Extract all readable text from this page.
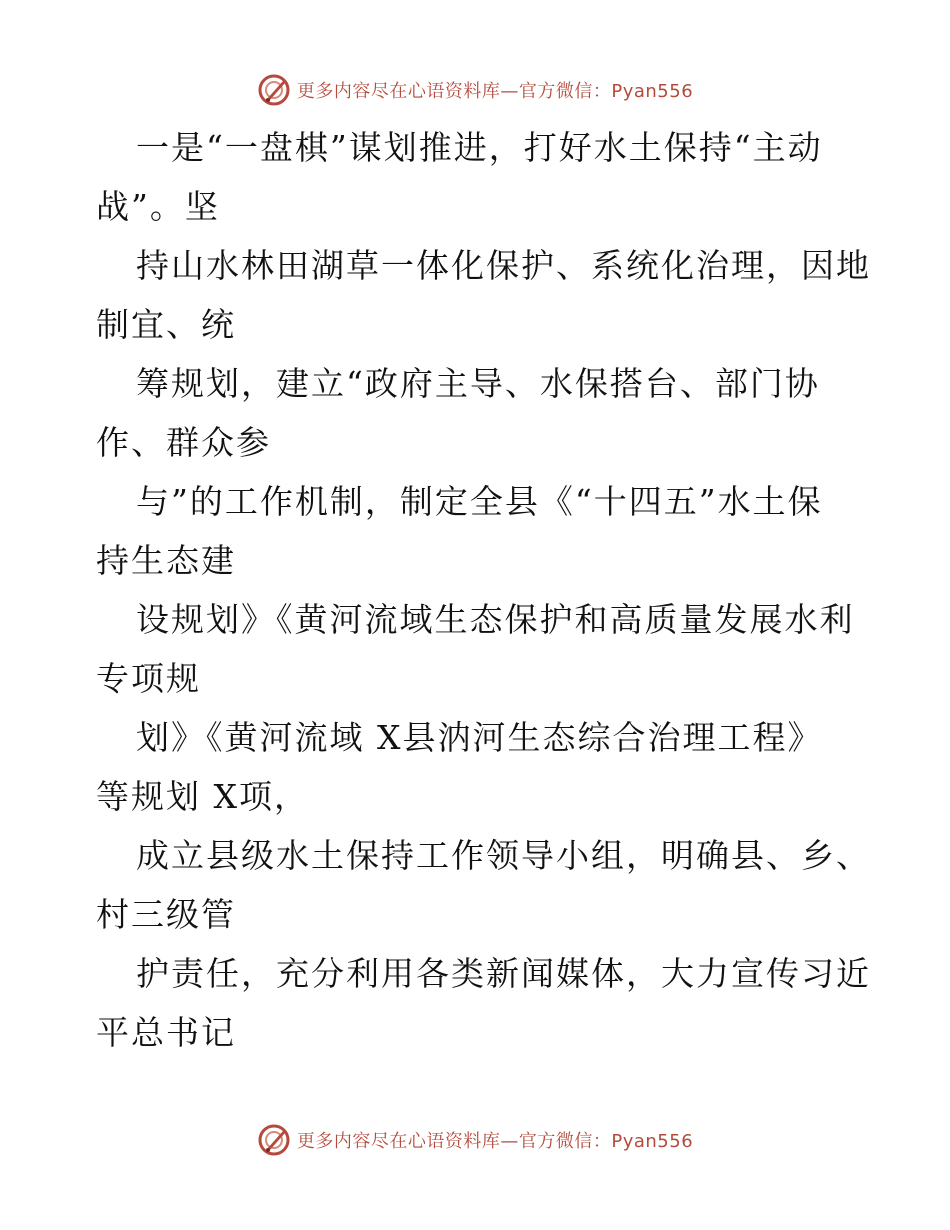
更多内容尽在心语资料库—官方微信：Pyan556
一是“一盘棋”谋划推进，打好水土保持“主动
战”。坚
持山水林田湖草一体化保护、系统化治理，因地
制宜、统
筹规划，建立“政府主导、水保搭台、部门协
作、群众参
与”的工作机制，制定全县《“十四五”水土保
持生态建
设规划》《黄河流域生态保护和高质量发展水利
专项规
划》《黄河流域 X县汭河生态综合治理工程》
等规划 X项，
成立县级水土保持工作领导小组，明确县、乡、
村三级管
护责任，充分利用各类新闻媒体，大力宣传习近
平总书记
更多内容尽在心语资料库—官方微信：Pyan556
